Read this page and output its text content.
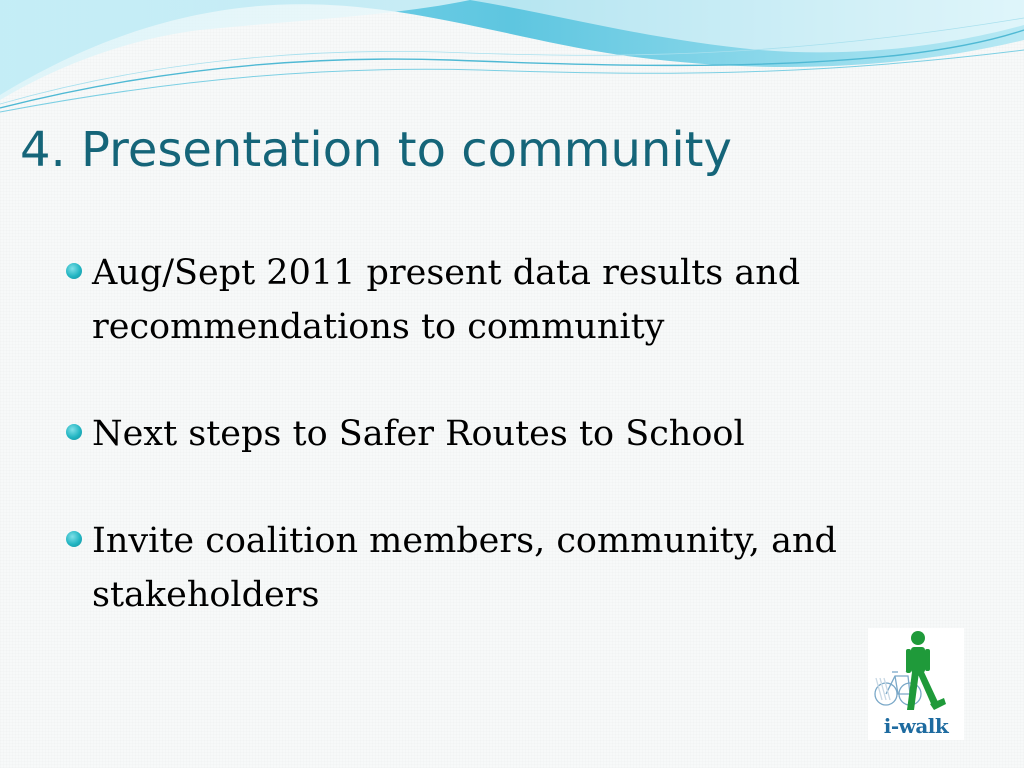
4. Presentation to community
Aug/Sept 2011 present data results and recommendations to community
Next steps to Safer Routes to School
Invite coalition members, community, and stakeholders
i-walk
